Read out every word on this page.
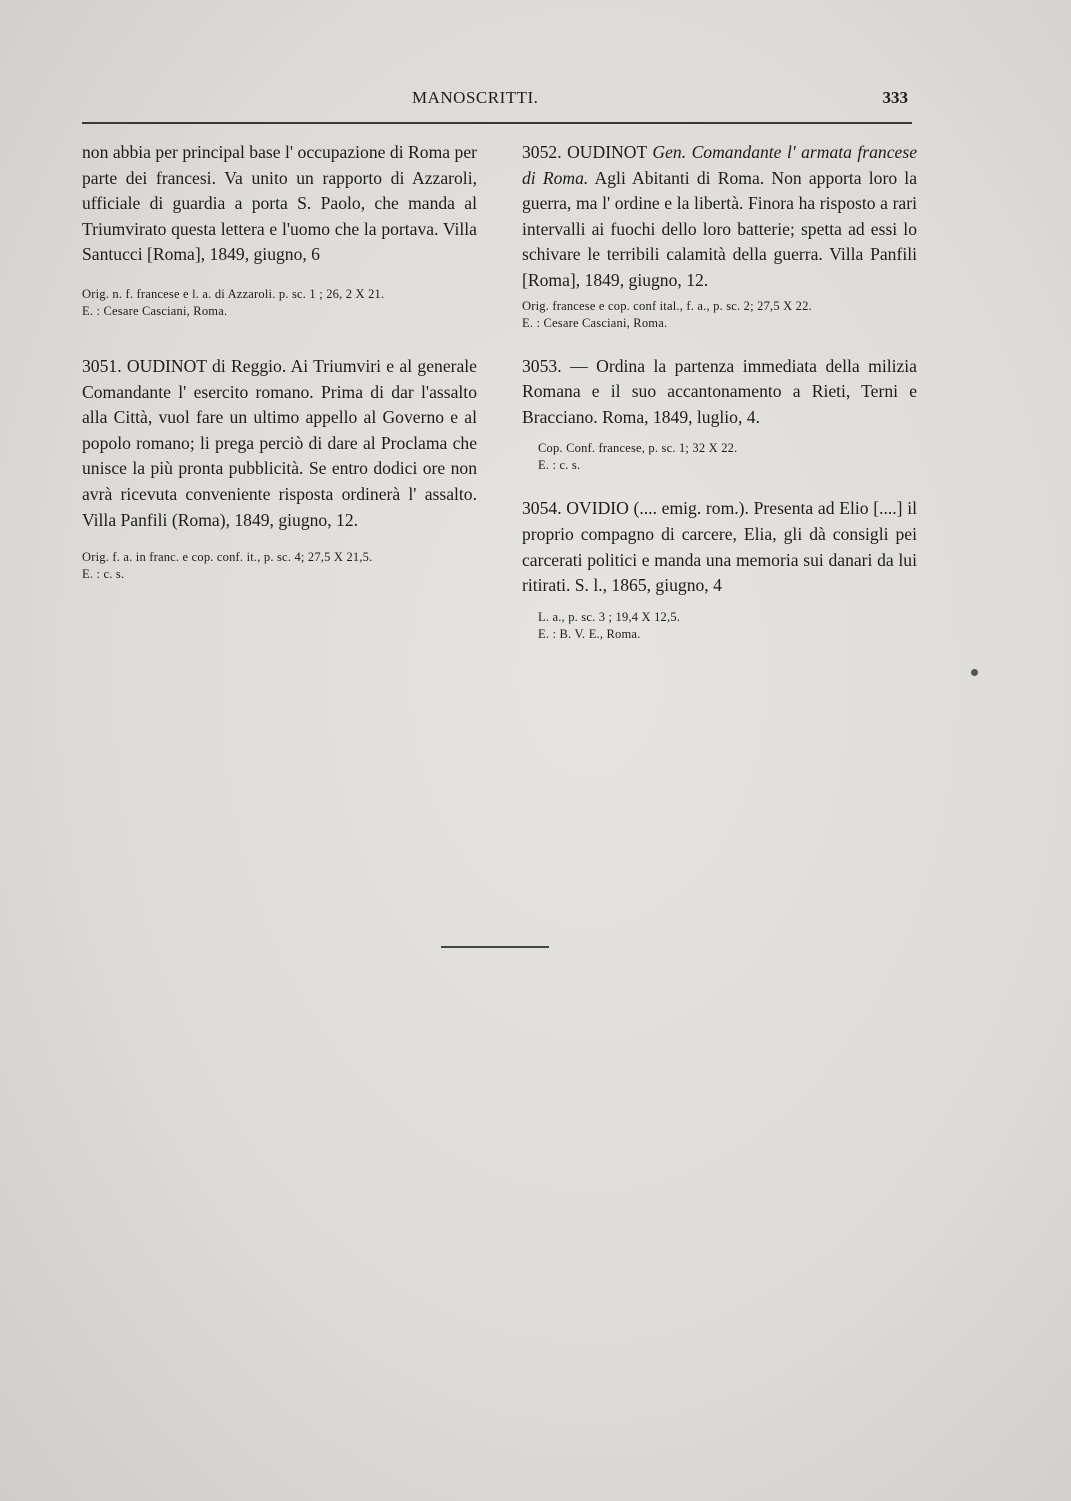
MANOSCRITTI.	333

non abbia per principal base l' occupazione di Roma per parte dei francesi. Va unito un rapporto di Azzaroli, ufficiale di guardia a porta S. Paolo, che manda al Triumvirato questa lettera e l'uomo che la portava. Villa Santucci [Roma], 1849, giugno, 6

Orig. n. f. francese e l. a. di Azzaroli. p. sc. 1 ; 26, 2 X 21.
E. : Cesare Casciani, Roma.

3051. OUDINOT di Reggio. Ai Triumviri e al generale Comandante l' esercito romano. Prima di dar l'assalto alla Città, vuol fare un ultimo appello al Governo e al popolo romano; li prega perciò di dare al Proclama che unisce la più pronta pubblicità. Se entro dodici ore non avrà ricevuta conveniente risposta ordinerà l' assalto. Villa Panfili (Roma), 1849, giugno, 12.

Orig. f. a. in franc. e cop. conf. it., p. sc. 4; 27,5 X 21,5.
E. : c. s.

3052. OUDINOT Gen. Comandante l' armata francese di Roma. Agli Abitanti di Roma. Non apporta loro la guerra, ma l' ordine e la libertà. Finora ha risposto a rari intervalli ai fuochi dello loro batterie; spetta ad essi lo schivare le terribili calamità della guerra. Villa Panfili [Roma], 1849, giugno, 12.

Orig. francese e cop. conf ital., f. a., p. sc. 2; 27,5 X 22.
E. : Cesare Casciani, Roma.

3053. — Ordina la partenza immediata della milizia Romana e il suo accantonamento a Rieti, Terni e Bracciano. Roma, 1849, luglio, 4.

Cop. Conf. francese, p. sc. 1; 32 X 22.
E. : c. s.

3054. OVIDIO (.... emig. rom.). Presenta ad Elio [....] il proprio compagno di carcere, Elia, gli dà consigli pei carcerati politici e manda una memoria sui danari da lui ritirati. S. l., 1865, giugno, 4

L. a., p. sc. 3 ; 19,4 X 12,5.
E. : B. V. E., Roma.
